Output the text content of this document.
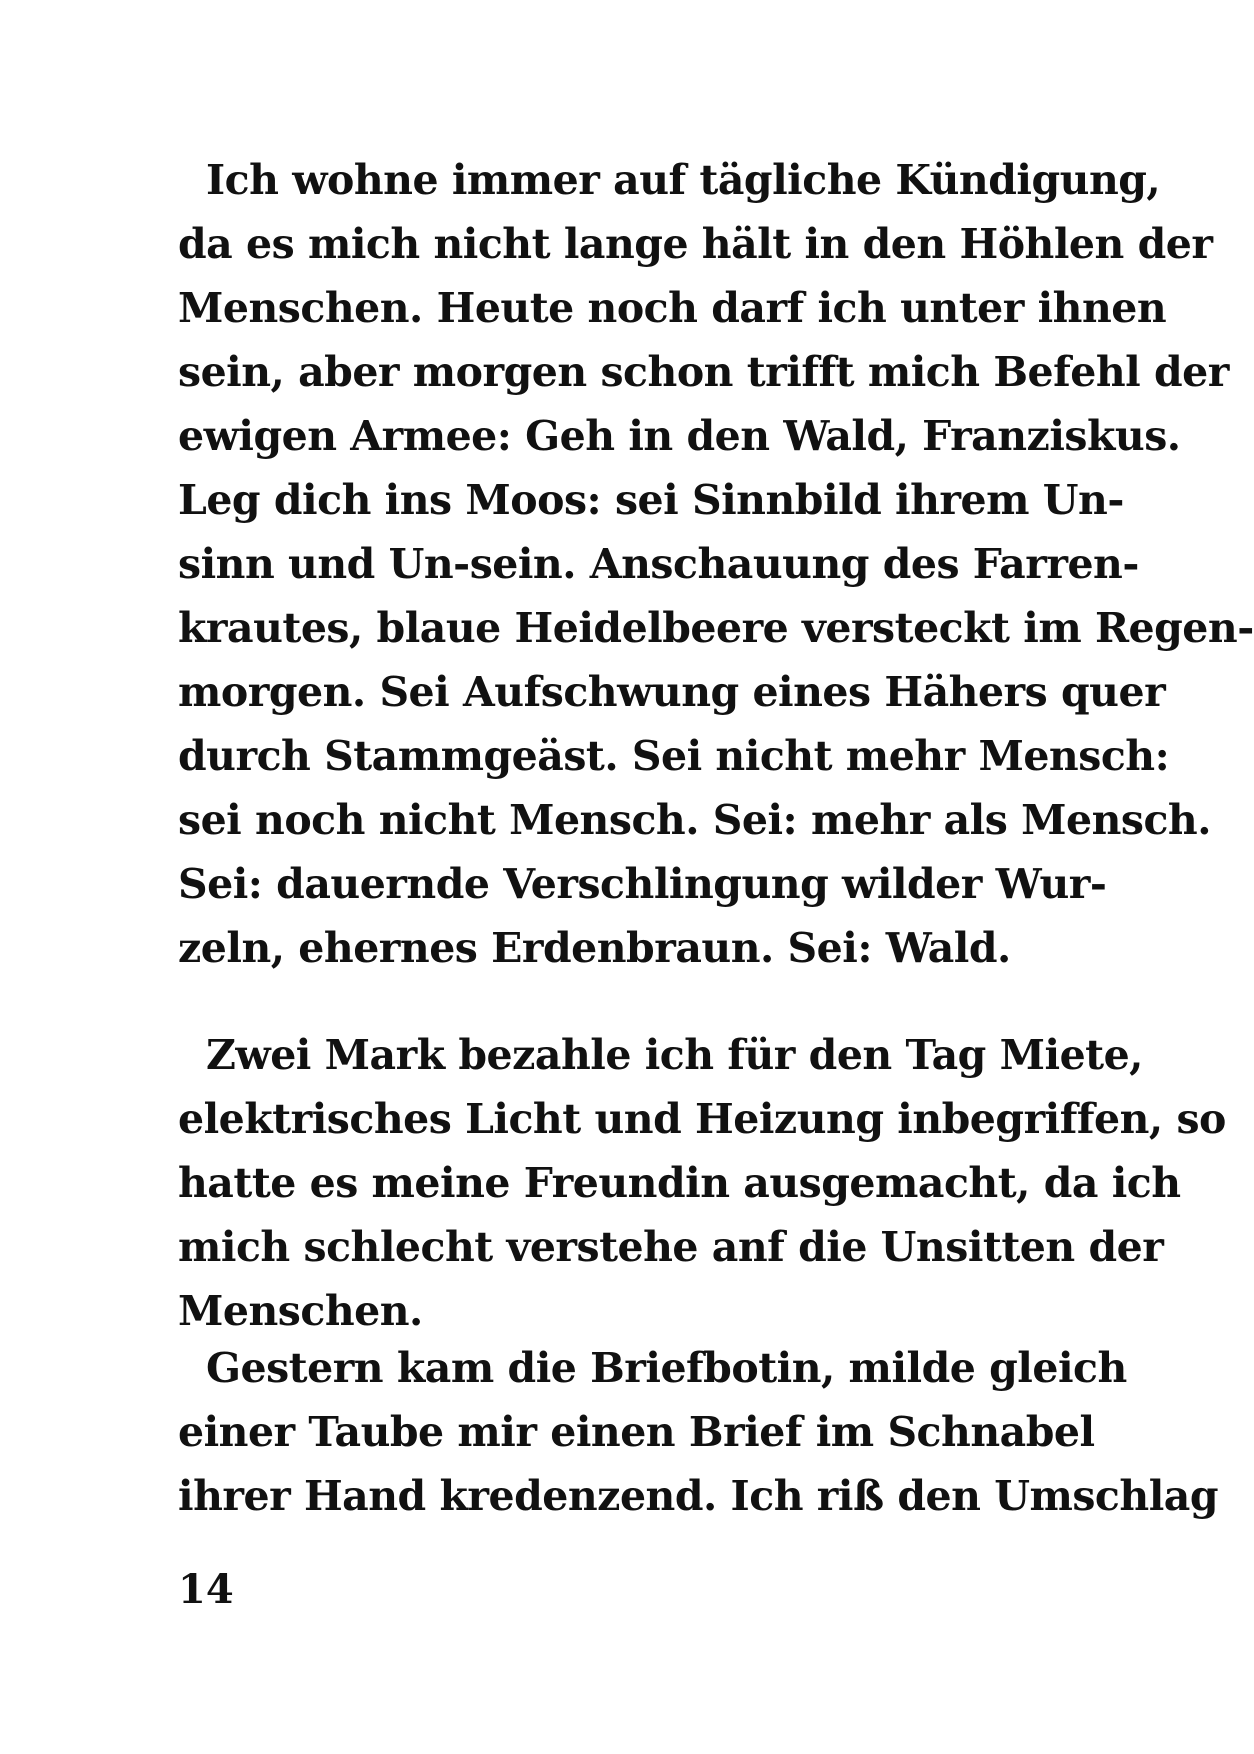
Ich wohne immer auf tägliche Kündigung,
da es mich nicht lange hält in den Höhlen der
Menschen. Heute noch darf ich unter ihnen
sein, aber morgen schon trifft mich Befehl der
ewigen Armee: Geh in den Wald, Franziskus.
Leg dich ins Moos: sei Sinnbild ihrem Un-
sinn und Un-sein. Anschauung des Farren-
krautes, blaue Heidelbeere versteckt im Regen-
morgen. Sei Aufschwung eines Hähers quer
durch Stammgeäst. Sei nicht mehr Mensch:
sei noch nicht Mensch. Sei: mehr als Mensch.
Sei: dauernde Verschlingung wilder Wur-
zeln, ehernes Erdenbraun. Sei: Wald.
Zwei Mark bezahle ich für den Tag Miete,
elektrisches Licht und Heizung inbegriffen, so
hatte es meine Freundin ausgemacht, da ich
mich schlecht verstehe anf die Unsitten der
Menschen.
Gestern kam die Briefbotin, milde gleich
einer Taube mir einen Brief im Schnabel
ihrer Hand kredenzend. Ich riß den Umschlag
14
